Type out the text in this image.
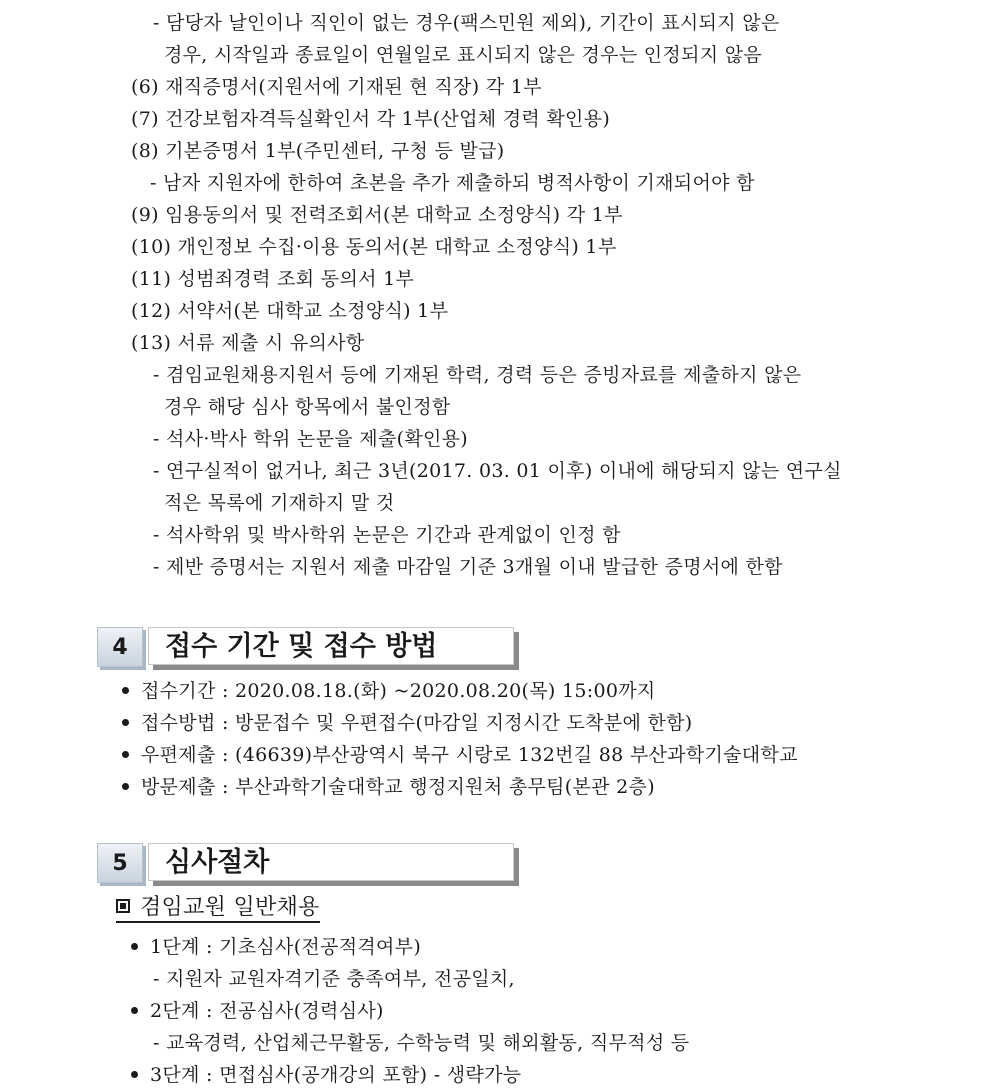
- 담당자 날인이나 직인이 없는 경우(팩스민원 제외), 기간이 표시되지 않은
경우, 시작일과 종료일이 연월일로 표시되지 않은 경우는 인정되지 않음
(6) 재직증명서(지원서에 기재된 현 직장) 각 1부
(7) 건강보험자격득실확인서 각 1부(산업체 경력 확인용)
(8) 기본증명서 1부(주민센터, 구청 등 발급)
- 남자 지원자에 한하여 초본을 추가 제출하되 병적사항이 기재되어야 함
(9) 임용동의서 및 전력조회서(본 대학교 소정양식) 각 1부
(10) 개인정보 수집·이용 동의서(본 대학교 소정양식) 1부
(11) 성범죄경력 조회 동의서 1부
(12) 서약서(본 대학교 소정양식) 1부
(13) 서류 제출 시 유의사항
- 겸임교원채용지원서 등에 기재된 학력, 경력 등은 증빙자료를 제출하지 않은
경우 해당 심사 항목에서 불인정함
- 석사·박사 학위 논문을 제출(확인용)
- 연구실적이 없거나, 최근 3년(2017. 03. 01 이후) 이내에 해당되지 않는 연구실
적은 목록에 기재하지 말 것
- 석사학위 및 박사학위 논문은 기간과 관계없이 인정 함
- 제반 증명서는 지원서 제출 마감일 기준 3개월 이내 발급한 증명서에 한함
4	접수 기간 및 접수 방법
접수기간 : 2020.08.18.(화) ~2020.08.20(목) 15:00까지
접수방법 : 방문접수 및 우편접수(마감일 지정시간 도착분에 한함)
우편제출 : (46639)부산광역시 북구 시랑로 132번길 88 부산과학기술대학교
방문제출 : 부산과학기술대학교 행정지원처 총무팀(본관 2층)
5	심사절차
겸임교원 일반채용
1단계 : 기초심사(전공적격여부)
- 지원자 교원자격기준 충족여부, 전공일치,
2단계 : 전공심사(경력심사)
- 교육경력, 산업체근무활동, 수학능력 및 해외활동, 직무적성 등
3단계 : 면접심사(공개강의 포함) - 생략가능
